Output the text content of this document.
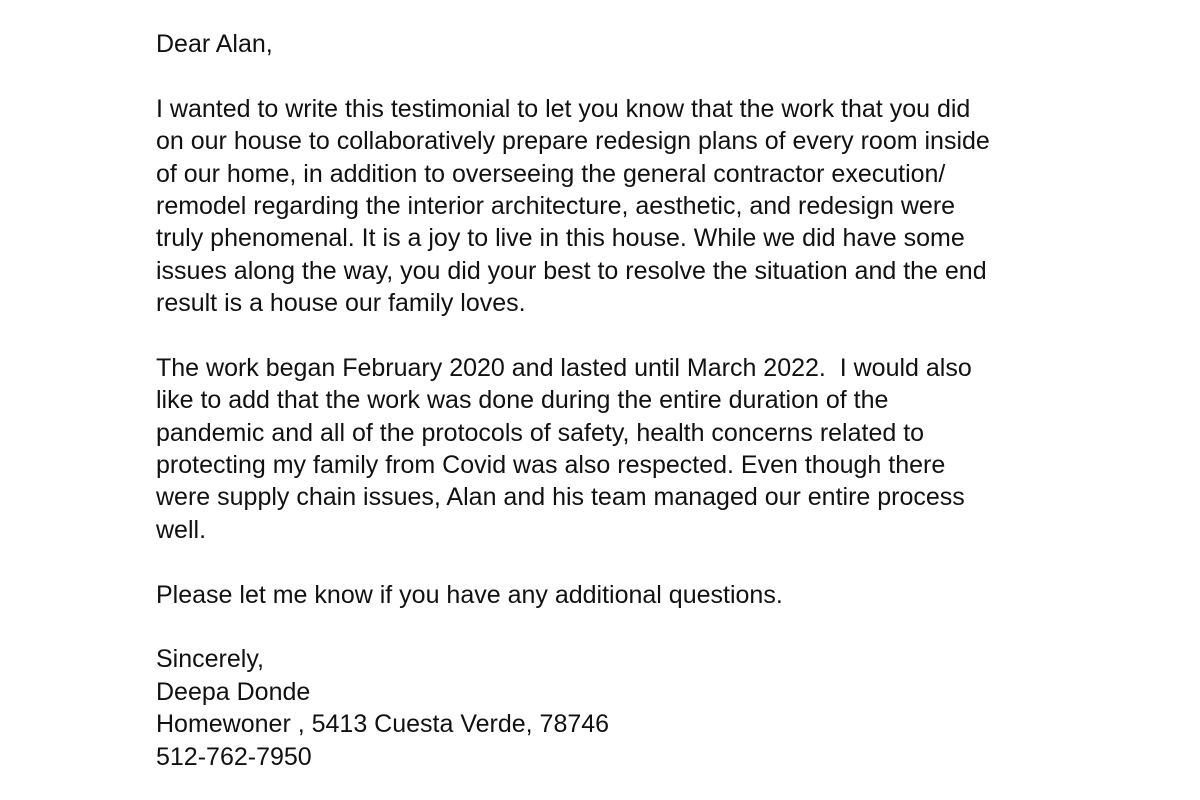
Dear Alan,
I wanted to write this testimonial to let you know that the work that you did
on our house to collaboratively prepare redesign plans of every room inside
of our home, in addition to overseeing the general contractor execution/
remodel regarding the interior architecture, aesthetic, and redesign were
truly phenomenal. It is a joy to live in this house. While we did have some
issues along the way, you did your best to resolve the situation and the end
result is a house our family loves.
The work began February 2020 and lasted until March 2022.  I would also
like to add that the work was done during the entire duration of the
pandemic and all of the protocols of safety, health concerns related to
protecting my family from Covid was also respected. Even though there
were supply chain issues, Alan and his team managed our entire process
well.
Please let me know if you have any additional questions.
Sincerely,
Deepa Donde
Homewoner , 5413 Cuesta Verde, 78746
512-762-7950
